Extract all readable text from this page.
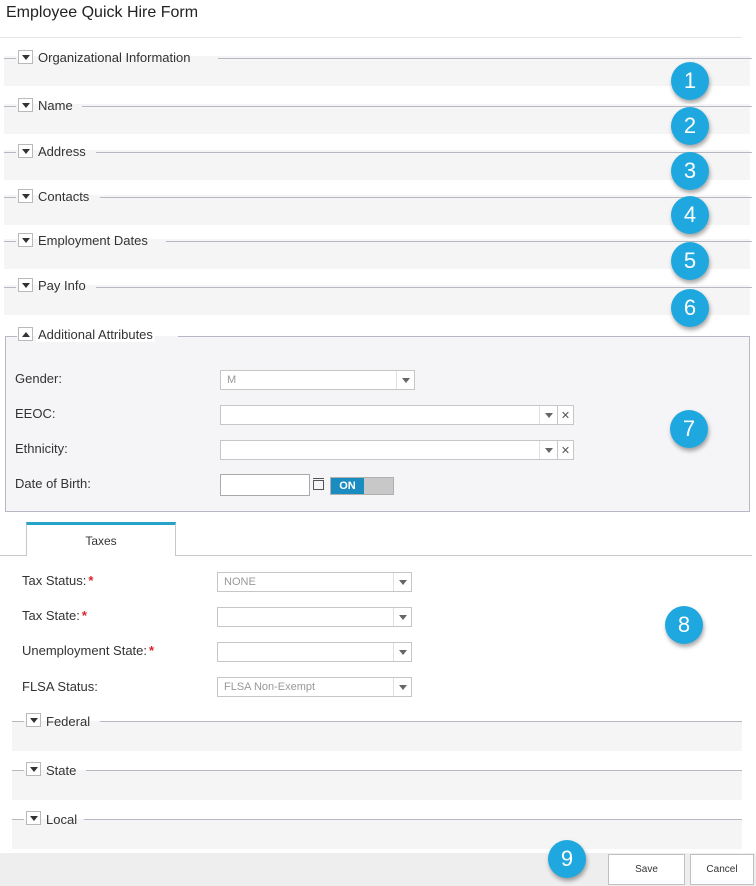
Employee Quick Hire Form
Organizational Information
1
Name
2
Address
3
Contacts
4
Employment Dates
5
Pay Info
6
Additional Attributes
Gender:	M
EEOC:	✕
Ethnicity:	✕
Date of Birth:	ON
7
Taxes
Tax Status: *	NONE
Tax State: *
Unemployment State: *
FLSA Status:	FLSA Non-Exempt
8
Federal
State
Local
9	Save	Cancel
